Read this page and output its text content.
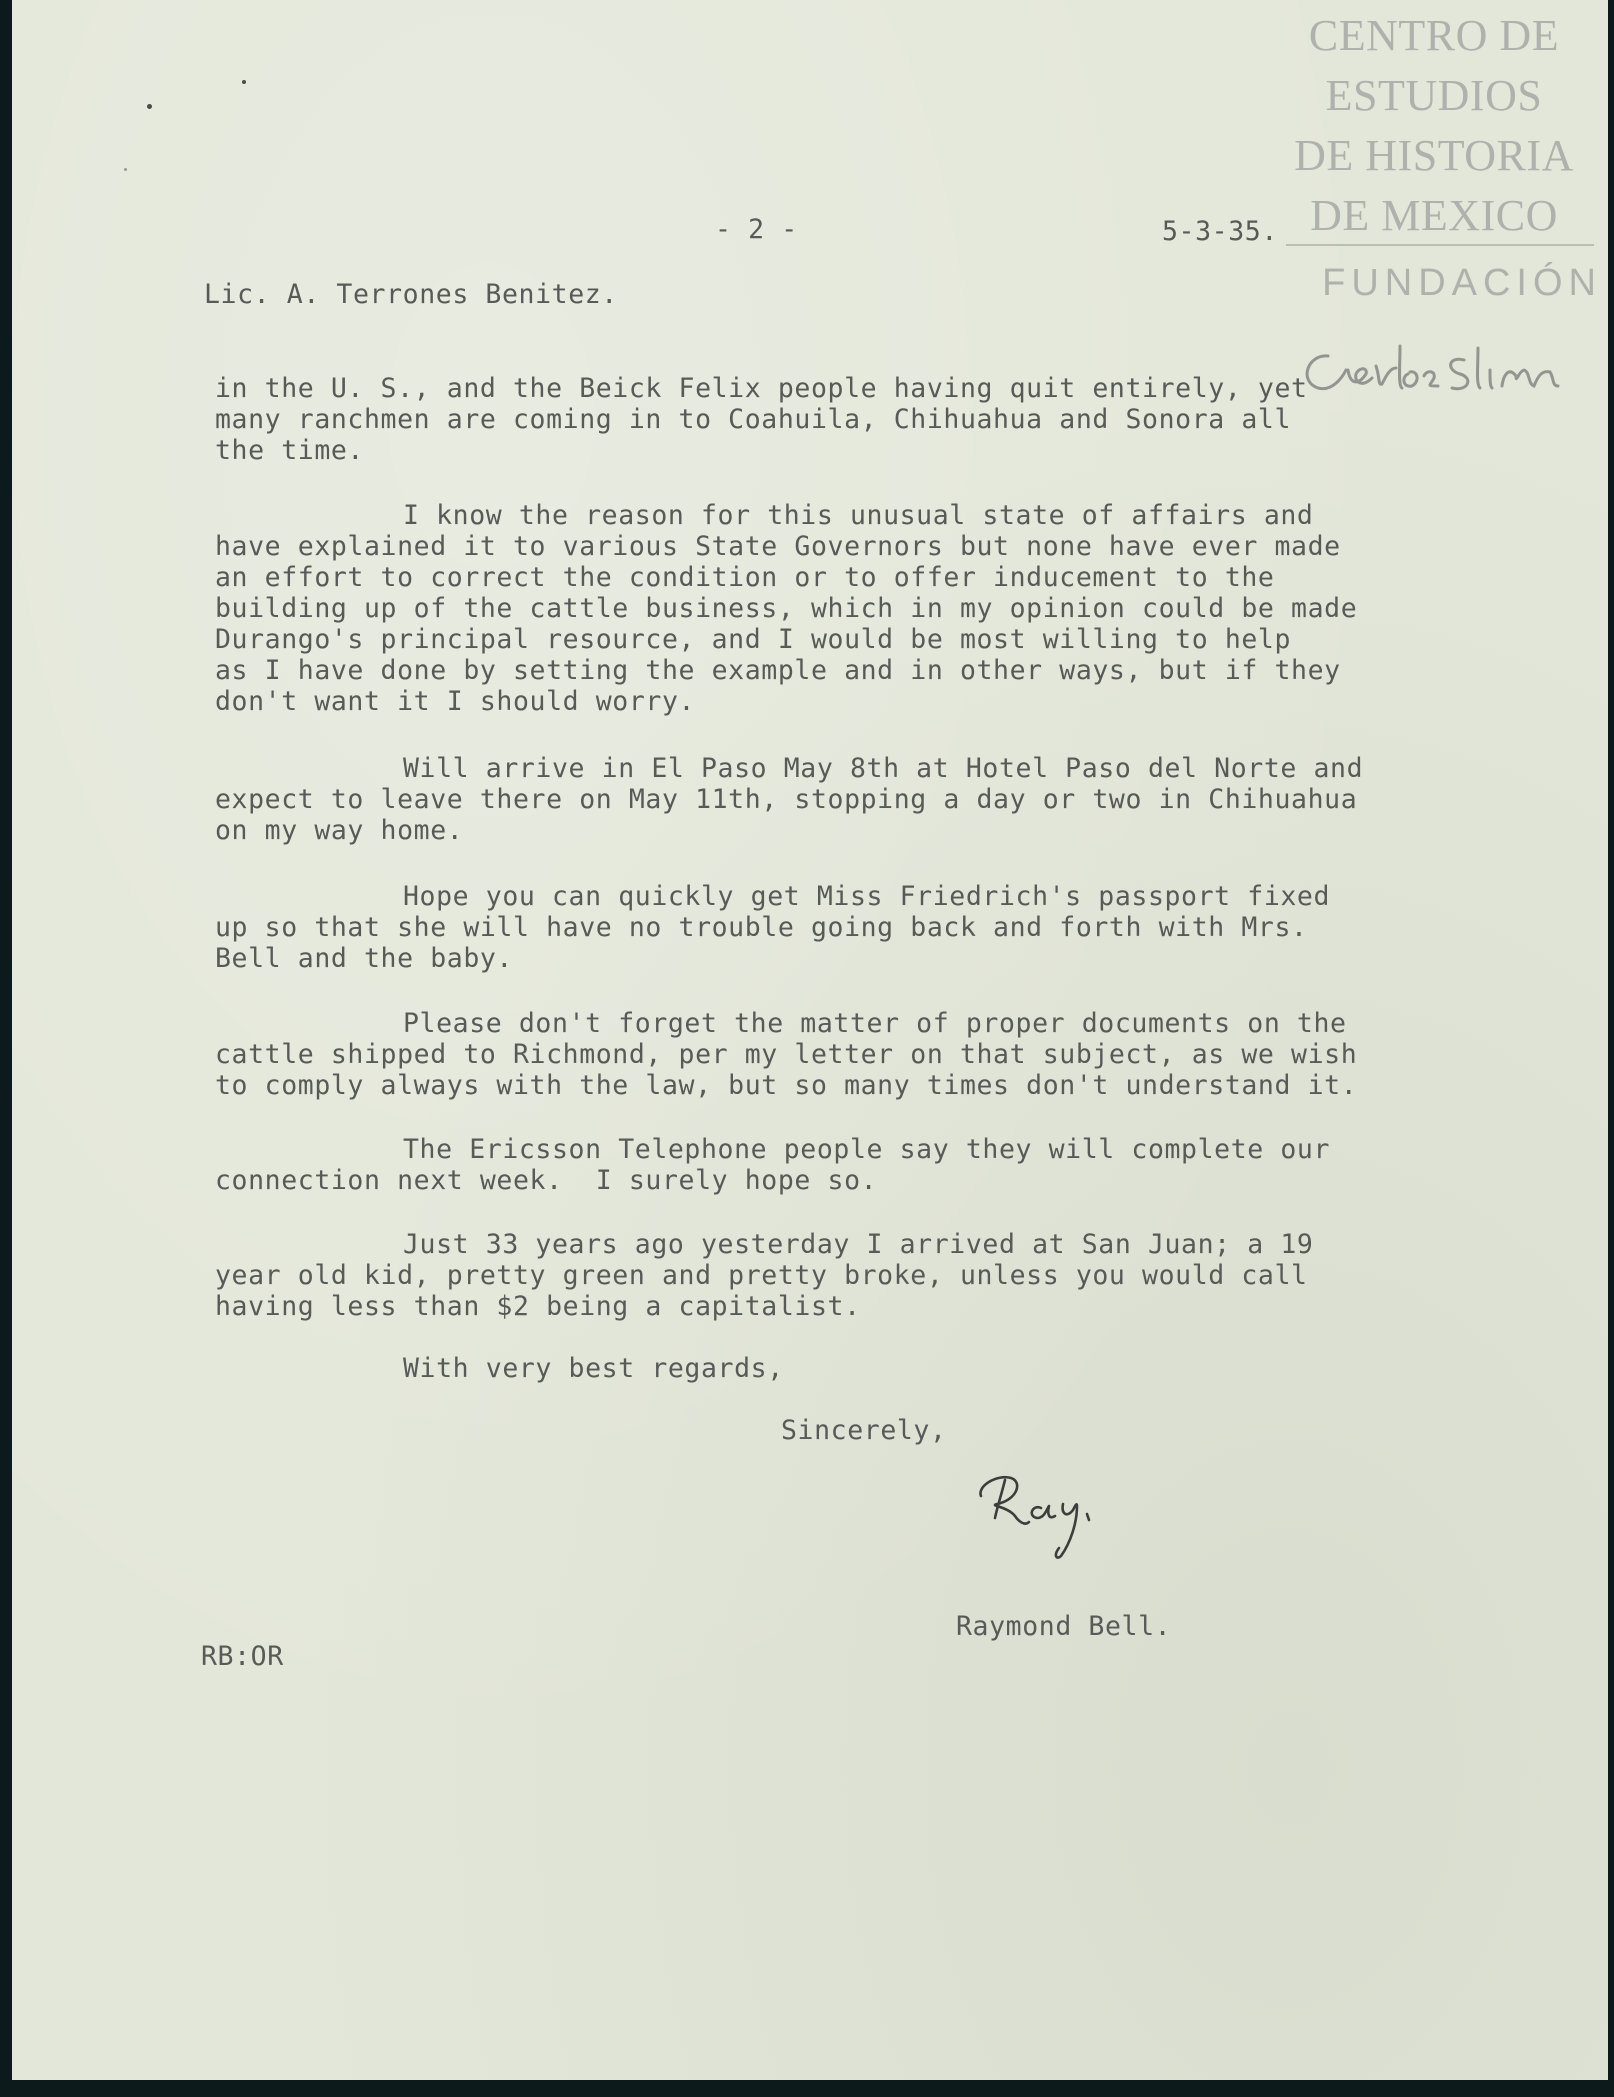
CENTRO DE
ESTUDIOS
DE HISTORIA
DE MEXICO
FUNDACIÓN
- 2 -	5-3-35.
Lic. A. Terrones Benitez.
in the U. S., and the Beick Felix people having quit entirely, yet
many ranchmen are coming in to Coahuila, Chihuahua and Sonora all
the time.
I know the reason for this unusual state of affairs and
have explained it to various State Governors but none have ever made
an effort to correct the condition or to offer inducement to the
building up of the cattle business, which in my opinion could be made
Durango's principal resource, and I would be most willing to help
as I have done by setting the example and in other ways, but if they
don't want it I should worry.
Will arrive in El Paso May 8th at Hotel Paso del Norte and
expect to leave there on May 11th, stopping a day or two in Chihuahua
on my way home.
Hope you can quickly get Miss Friedrich's passport fixed
up so that she will have no trouble going back and forth with Mrs.
Bell and the baby.
Please don't forget the matter of proper documents on the
cattle shipped to Richmond, per my letter on that subject, as we wish
to comply always with the law, but so many times don't understand it.
The Ericsson Telephone people say they will complete our
connection next week.  I surely hope so.
Just 33 years ago yesterday I arrived at San Juan; a 19
year old kid, pretty green and pretty broke, unless you would call
having less than $2 being a capitalist.
With very best regards,
Sincerely,
Raymond Bell.
RB:OR
